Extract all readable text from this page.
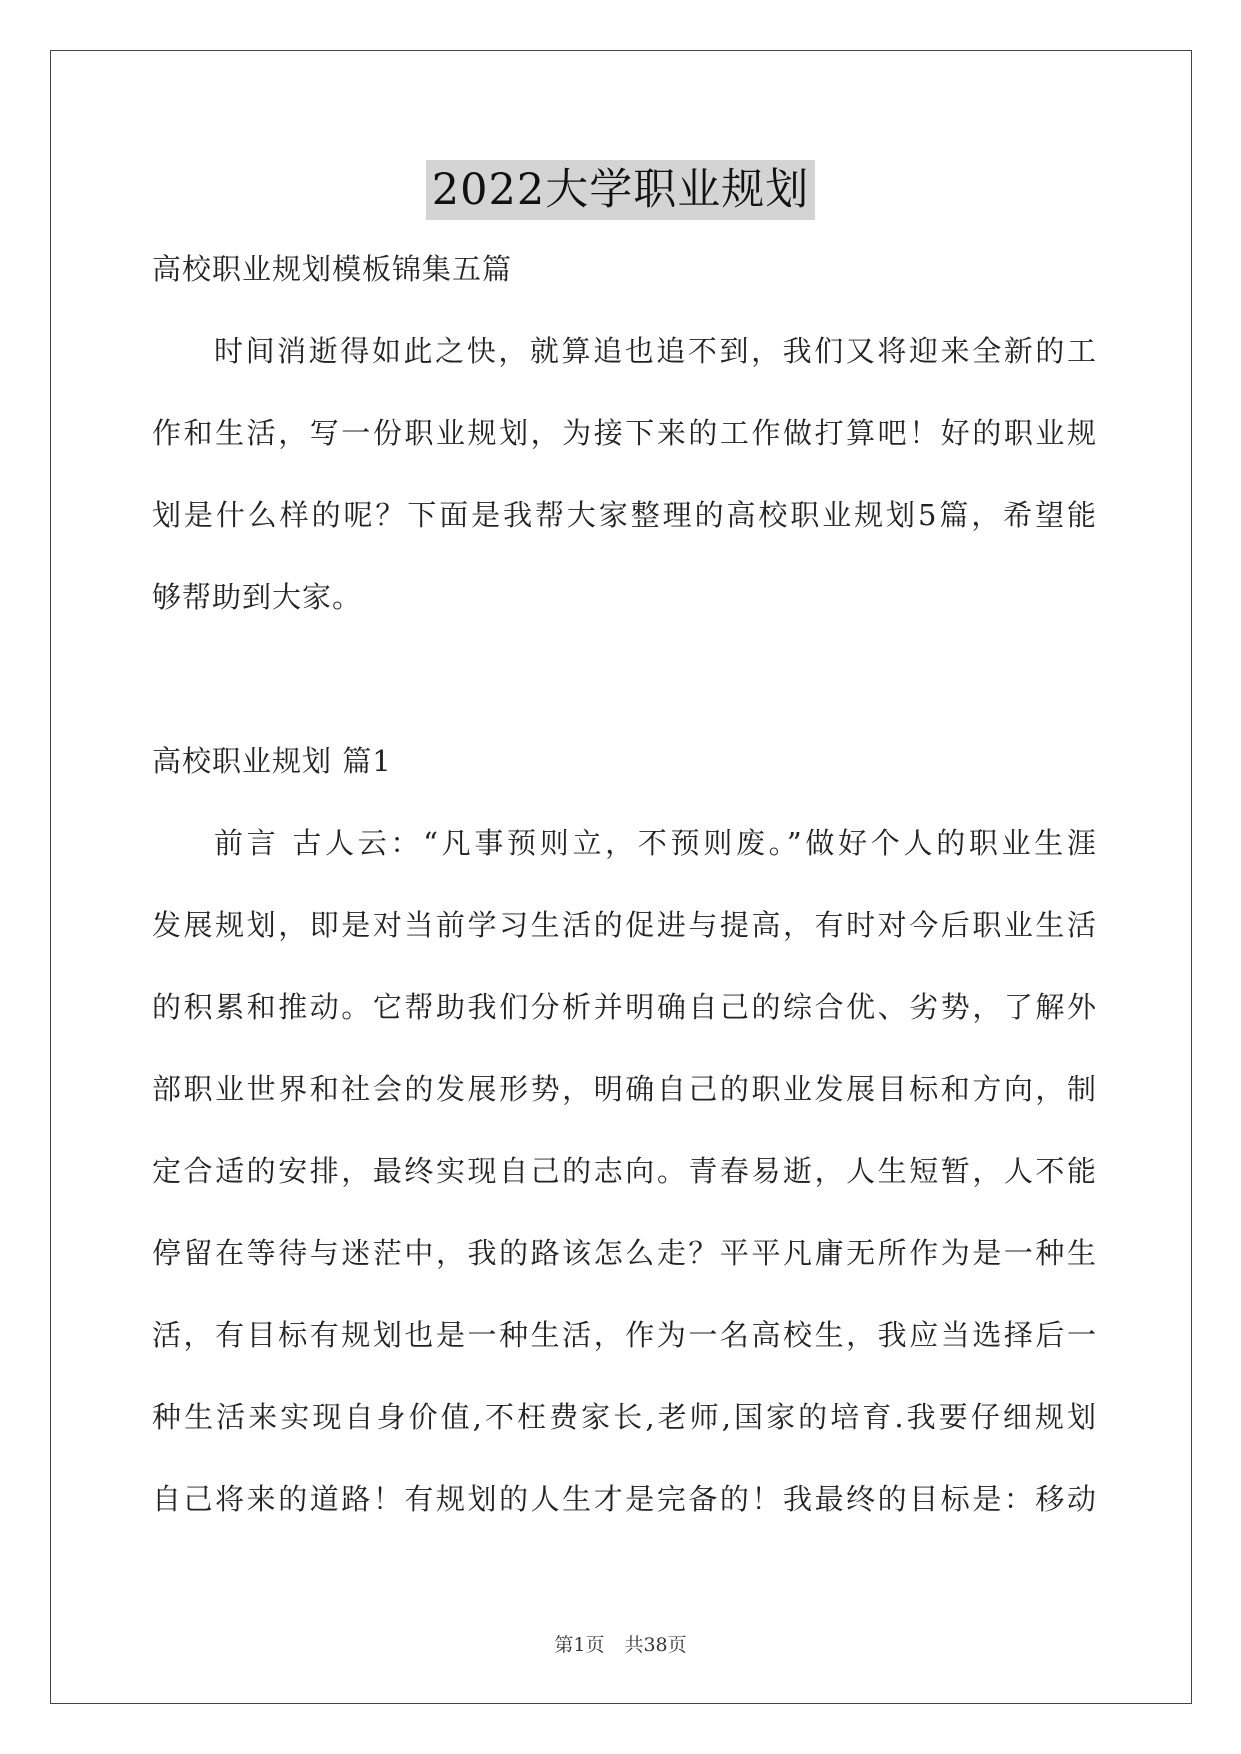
2022大学职业规划
高校职业规划模板锦集五篇
时间消逝得如此之快，就算追也追不到，我们又将迎来全新的工
作和生活，写一份职业规划，为接下来的工作做打算吧！好的职业规
划是什么样的呢？下面是我帮大家整理的高校职业规划5篇，希望能
够帮助到大家。
高校职业规划 篇1
前言 古人云：“凡事预则立，不预则废。”做好个人的职业生涯
发展规划，即是对当前学习生活的促进与提高，有时对今后职业生活
的积累和推动。它帮助我们分析并明确自己的综合优、劣势，了解外
部职业世界和社会的发展形势，明确自己的职业发展目标和方向，制
定合适的安排，最终实现自己的志向。青春易逝，人生短暂，人不能
停留在等待与迷茫中，我的路该怎么走？平平凡庸无所作为是一种生
活，有目标有规划也是一种生活，作为一名高校生，我应当选择后一
种生活来实现自身价值,不枉费家长,老师,国家的培育.我要仔细规划
自己将来的道路！有规划的人生才是完备的！我最终的目标是：移动
第1页 共38页
